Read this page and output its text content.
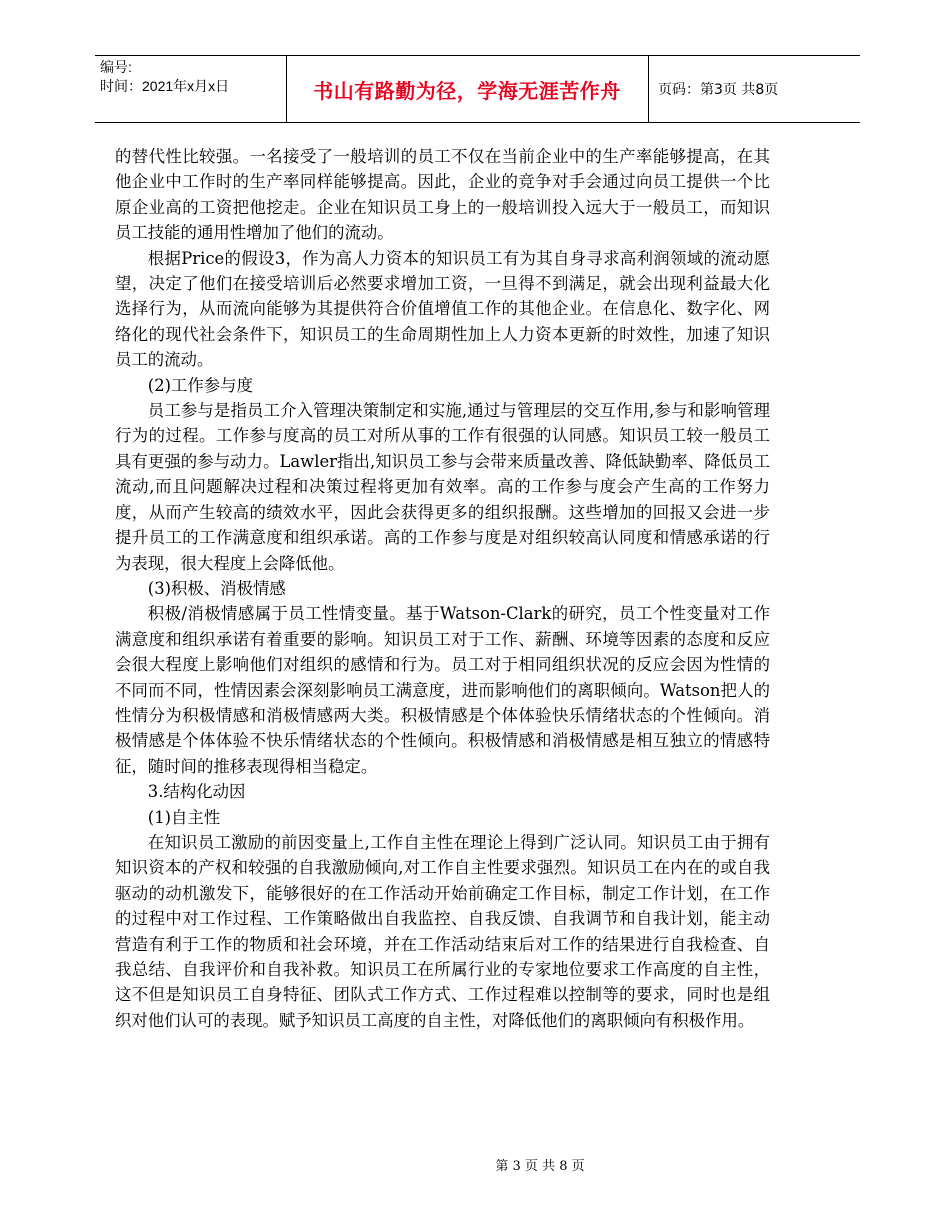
编号:
时间：2021年x月x日	书山有路勤为径，学海无涯苦作舟	页码：第3页 共8页

的替代性比较强。一名接受了一般培训的员工不仅在当前企业中的生产率能够提高，在其他企业中工作时的生产率同样能够提高。因此，企业的竞争对手会通过向员工提供一个比原企业高的工资把他挖走。企业在知识员工身上的一般培训投入远大于一般员工，而知识员工技能的通用性增加了他们的流动。

根据Price的假设3，作为高人力资本的知识员工有为其自身寻求高利润领域的流动愿望，决定了他们在接受培训后必然要求增加工资，一旦得不到满足，就会出现利益最大化选择行为，从而流向能够为其提供符合价值增值工作的其他企业。在信息化、数字化、网络化的现代社会条件下，知识员工的生命周期性加上人力资本更新的时效性，加速了知识员工的流动。

(2)工作参与度

员工参与是指员工介入管理决策制定和实施,通过与管理层的交互作用,参与和影响管理行为的过程。工作参与度高的员工对所从事的工作有很强的认同感。知识员工较一般员工具有更强的参与动力。Lawler指出,知识员工参与会带来质量改善、降低缺勤率、降低员工流动,而且问题解决过程和决策过程将更加有效率。高的工作参与度会产生高的工作努力度，从而产生较高的绩效水平，因此会获得更多的组织报酬。这些增加的回报又会进一步提升员工的工作满意度和组织承诺。高的工作参与度是对组织较高认同度和情感承诺的行为表现，很大程度上会降低他。

(3)积极、消极情感

积极/消极情感属于员工性情变量。基于Watson-Clark的研究，员工个性变量对工作满意度和组织承诺有着重要的影响。知识员工对于工作、薪酬、环境等因素的态度和反应会很大程度上影响他们对组织的感情和行为。员工对于相同组织状况的反应会因为性情的不同而不同，性情因素会深刻影响员工满意度，进而影响他们的离职倾向。Watson把人的性情分为积极情感和消极情感两大类。积极情感是个体体验快乐情绪状态的个性倾向。消极情感是个体体验不快乐情绪状态的个性倾向。积极情感和消极情感是相互独立的情感特征，随时间的推移表现得相当稳定。

3.结构化动因

(1)自主性

在知识员工激励的前因变量上,工作自主性在理论上得到广泛认同。知识员工由于拥有知识资本的产权和较强的自我激励倾向,对工作自主性要求强烈。知识员工在内在的或自我驱动的动机激发下，能够很好的在工作活动开始前确定工作目标，制定工作计划，在工作的过程中对工作过程、工作策略做出自我监控、自我反馈、自我调节和自我计划，能主动营造有利于工作的物质和社会环境，并在工作活动结束后对工作的结果进行自我检查、自我总结、自我评价和自我补救。知识员工在所属行业的专家地位要求工作高度的自主性，这不但是知识员工自身特征、团队式工作方式、工作过程难以控制等的要求，同时也是组织对他们认可的表现。赋予知识员工高度的自主性，对降低他们的离职倾向有积极作用。

第 3 页 共 8 页
